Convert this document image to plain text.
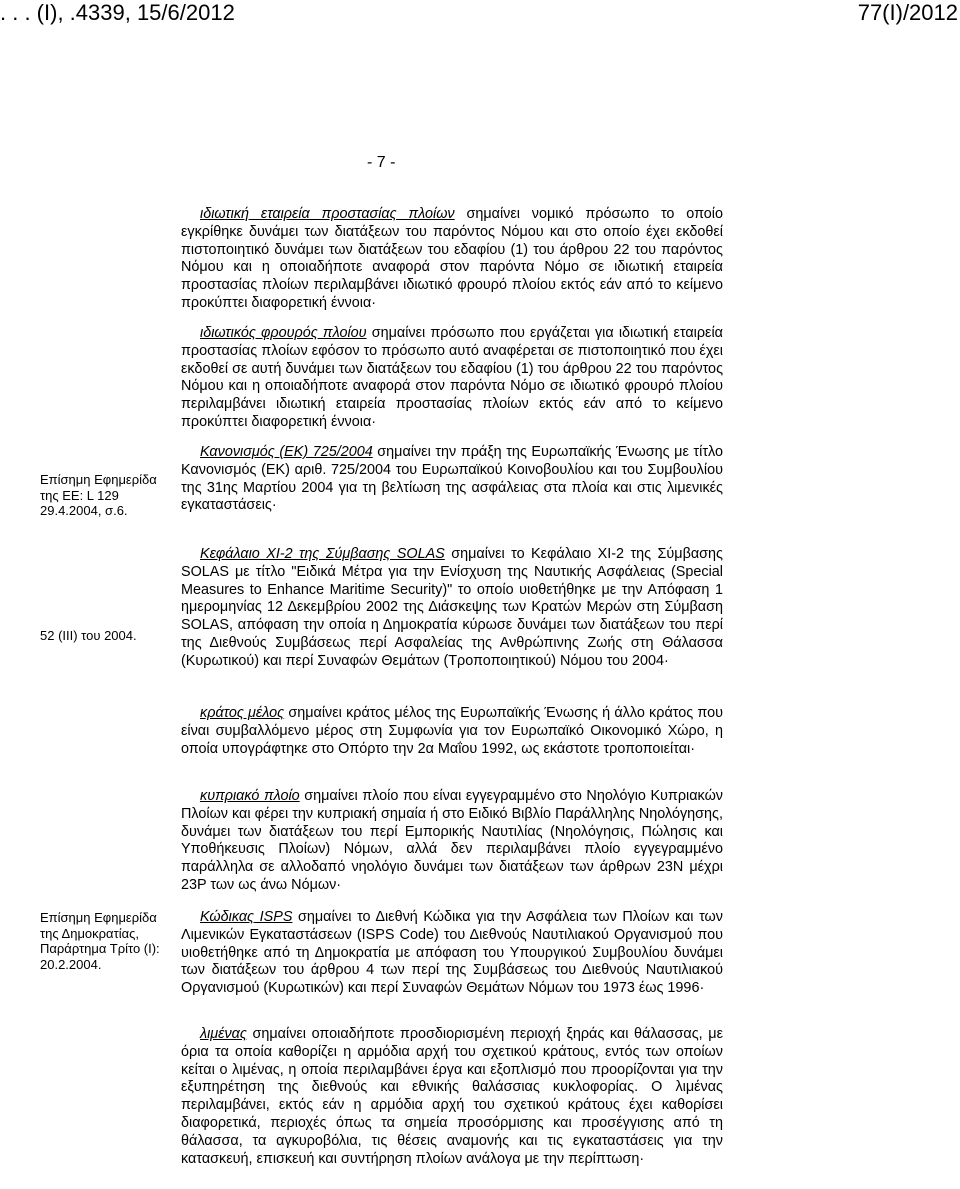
. . . (Ι), .4339, 15/6/2012	77(Ι)/2012
- 7 -
Επίσημη Εφημερίδα της ΕΕ: L 129 29.4.2004, σ.6.
52 (ΙΙΙ) του 2004.
Επίσημη Εφημερίδα της Δημοκρατίας, Παράρτημα Τρίτο (Ι): 20.2.2004.
ιδιωτική εταιρεία προστασίας πλοίων σημαίνει νομικό πρόσωπο το οποίο εγκρίθηκε δυνάμει των διατάξεων του παρόντος Νόμου και στο οποίο έχει εκδοθεί πιστοποιητικό δυνάμει των διατάξεων του εδαφίου (1) του άρθρου 22 του παρόντος Νόμου και η οποιαδήποτε αναφορά στον παρόντα Νόμο σε ιδιωτική εταιρεία προστασίας πλοίων περιλαμβάνει ιδιωτικό φρουρό πλοίου εκτός εάν από το κείμενο προκύπτει διαφορετική έννοια·
ιδιωτικός φρουρός πλοίου σημαίνει πρόσωπο που εργάζεται για ιδιωτική εταιρεία προστασίας πλοίων εφόσον το πρόσωπο αυτό αναφέρεται σε πιστοποιητικό που έχει εκδοθεί σε αυτή δυνάμει των διατάξεων του εδαφίου (1) του άρθρου 22 του παρόντος Νόμου και η οποιαδήποτε αναφορά στον παρόντα Νόμο σε ιδιωτικό φρουρό πλοίου περιλαμβάνει ιδιωτική εταιρεία προστασίας πλοίων εκτός εάν από το κείμενο προκύπτει διαφορετική έννοια·
Κανονισμός (ΕΚ) 725/2004 σημαίνει την πράξη της Ευρωπαϊκής Ένωσης με τίτλο Κανονισμός (ΕΚ) αριθ. 725/2004 του Ευρωπαϊκού Κοινοβουλίου και του Συμβουλίου της 31ης Μαρτίου 2004 για τη βελτίωση της ασφάλειας στα πλοία και στις λιμενικές εγκαταστάσεις·
Κεφάλαιο ΧΙ-2 της Σύμβασης SOLAS σημαίνει το Κεφάλαιο ΧΙ-2 της Σύμβασης SOLAS με τίτλο "Ειδικά Μέτρα για την Ενίσχυση της Ναυτικής Ασφάλειας (Special Measures to Enhance Maritime Security)" το οποίο υιοθετήθηκε με την Απόφαση 1 ημερομηνίας 12 Δεκεμβρίου 2002 της Διάσκεψης των Κρατών Μερών στη Σύμβαση SOLAS, απόφαση την οποία η Δημοκρατία κύρωσε δυνάμει των διατάξεων του περί της Διεθνούς Συμβάσεως περί Ασφαλείας της Ανθρώπινης Ζωής στη Θάλασσα (Κυρωτικού) και περί Συναφών Θεμάτων (Τροποποιητικού) Νόμου του 2004·
κράτος μέλος σημαίνει κράτος μέλος της Ευρωπαϊκής Ένωσης ή άλλο κράτος που είναι συμβαλλόμενο μέρος στη Συμφωνία για τον Ευρωπαϊκό Οικονομικό Χώρο, η οποία υπογράφτηκε στο Οπόρτο την 2α Μαΐου 1992, ως εκάστοτε τροποποιείται·
κυπριακό πλοίο σημαίνει πλοίο που είναι εγγεγραμμένο στο Νηολόγιο Κυπριακών Πλοίων και φέρει την κυπριακή σημαία ή στο Ειδικό Βιβλίο Παράλληλης Νηολόγησης, δυνάμει των διατάξεων του περί Εμπορικής Ναυτιλίας (Νηολόγησις, Πώλησις και Υποθήκευσις Πλοίων) Νόμων, αλλά δεν περιλαμβάνει πλοίο εγγεγραμμένο παράλληλα σε αλλοδαπό νηολόγιο δυνάμει των διατάξεων των άρθρων 23Ν μέχρι 23Ρ των ως άνω Νόμων·
Κώδικας ISPS σημαίνει το Διεθνή Κώδικα για την Ασφάλεια των Πλοίων και των Λιμενικών Εγκαταστάσεων (ISPS Code) του Διεθνούς Ναυτιλιακού Οργανισμού που υιοθετήθηκε από τη Δημοκρατία με απόφαση του Υπουργικού Συμβουλίου δυνάμει των διατάξεων του άρθρου 4 των περί της Συμβάσεως του Διεθνούς Ναυτιλιακού Οργανισμού (Κυρωτικών) και περί Συναφών Θεμάτων Νόμων του 1973 έως 1996·
λιμένας σημαίνει οποιαδήποτε προσδιορισμένη περιοχή ξηράς και θάλασσας, με όρια τα οποία καθορίζει η αρμόδια αρχή του σχετικού κράτους, εντός των οποίων κείται ο λιμένας, η οποία περιλαμβάνει έργα και εξοπλισμό που προορίζονται για την εξυπηρέτηση της διεθνούς και εθνικής θαλάσσιας κυκλοφορίας. Ο λιμένας περιλαμβάνει, εκτός εάν η αρμόδια αρχή του σχετικού κράτους έχει καθορίσει διαφορετικά, περιοχές όπως τα σημεία προσόρμισης και προσέγγισης από τη θάλασσα, τα αγκυροβόλια, τις θέσεις αναμονής και τις εγκαταστάσεις για την κατασκευή, επισκευή και συντήρηση πλοίων ανάλογα με την περίπτωση·
